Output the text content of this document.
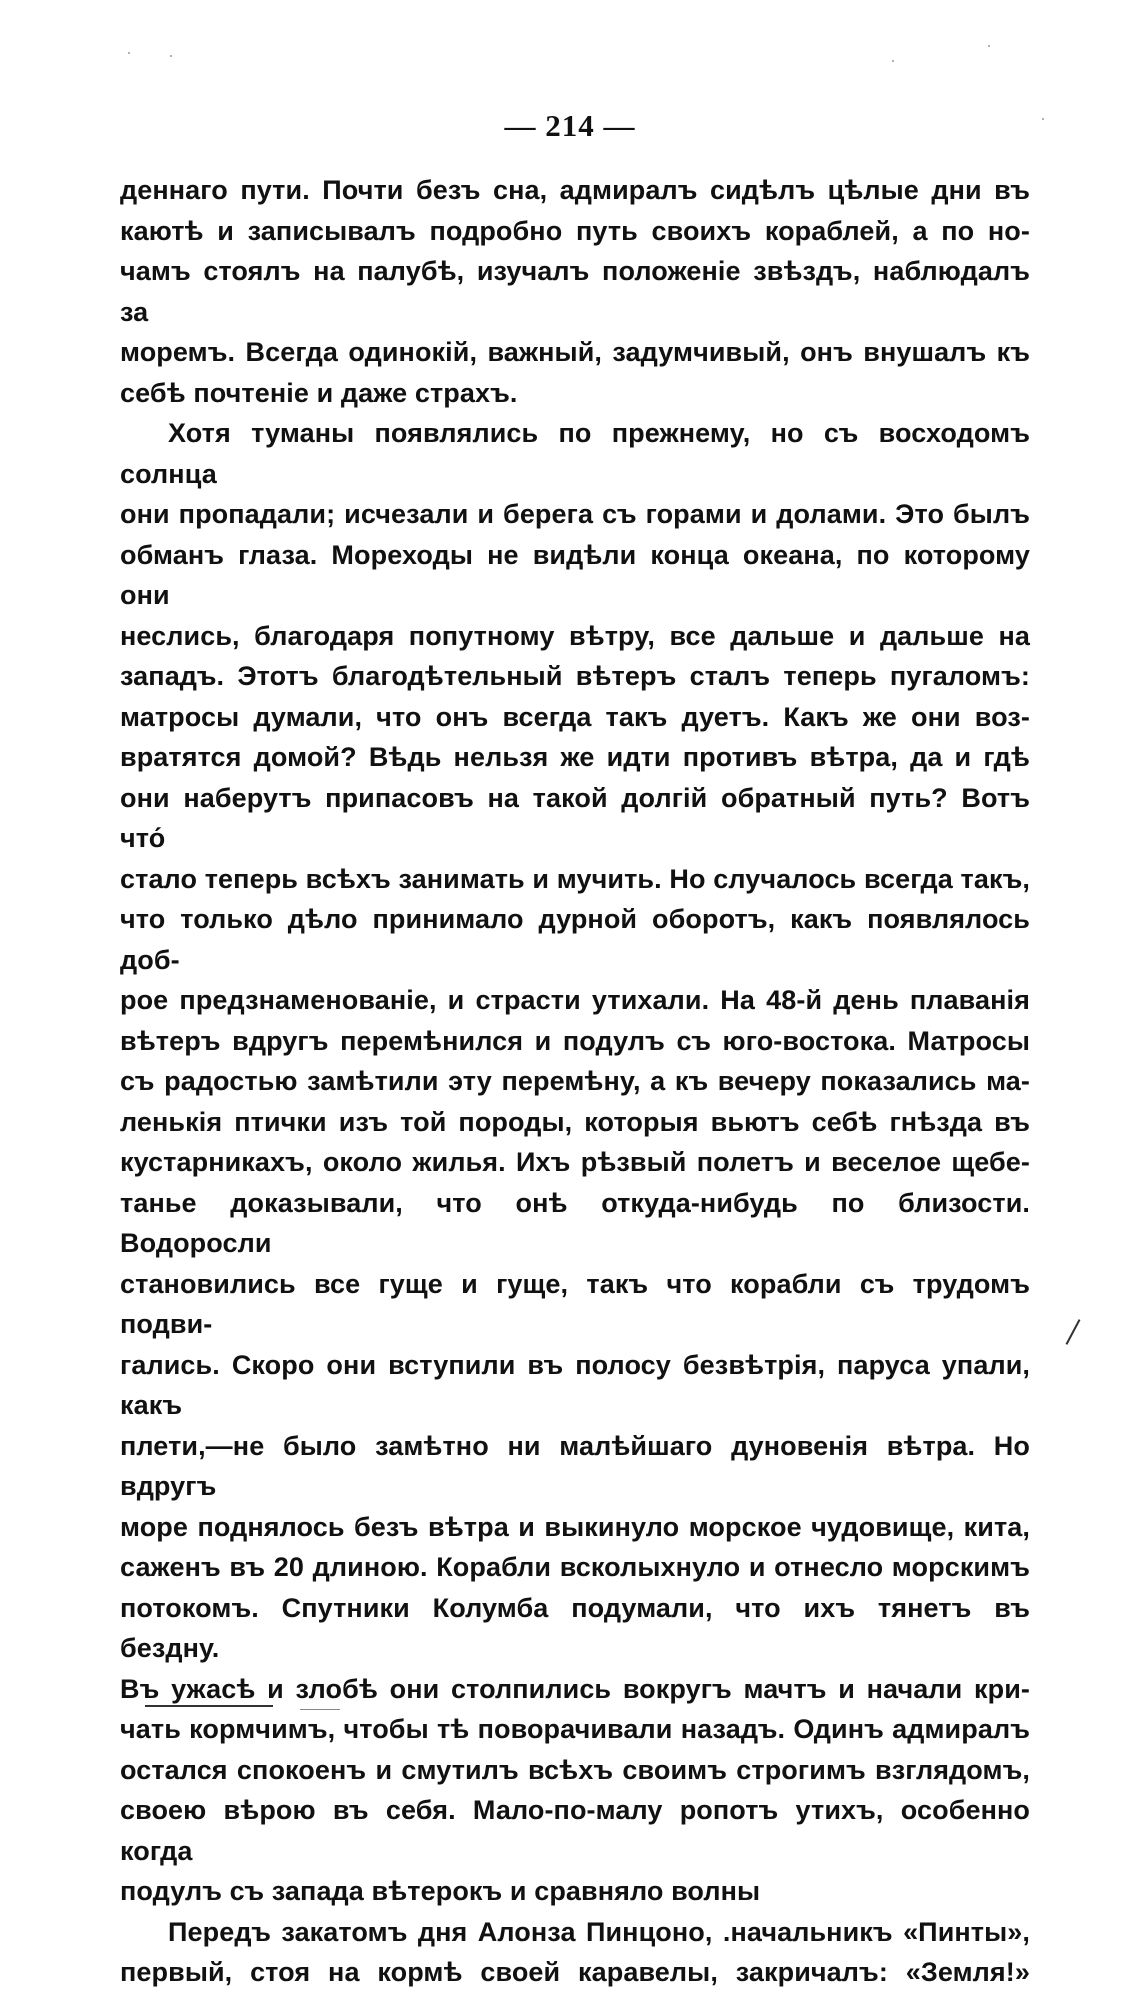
— 214 —

деннаго пути. Почти безъ сна, адмиралъ сидѣлъ цѣлые дни въ

каютѣ и записывалъ подробно путь своихъ кораблей, а по но-

чамъ стоялъ на палубѣ, изучалъ положеніе звѣздъ, наблюдалъ за

моремъ. Всегда одинокій, важный, задумчивый, онъ внушалъ къ

себѣ почтеніе и даже страхъ.

Хотя туманы появлялись по прежнему, но съ восходомъ солнца

они пропадали; исчезали и берега съ горами и долами. Это былъ

обманъ глаза. Мореходы не видѣли конца океана, по которому они

неслись, благодаря попутному вѣтру, все дальше и дальше на

западъ. Этотъ благодѣтельный вѣтеръ сталъ теперь пугаломъ:

матросы думали, что онъ всегда такъ дуетъ. Какъ же они воз-

вратятся домой? Вѣдь нельзя же идти противъ вѣтра, да и гдѣ

они наберутъ припасовъ на такой долгій обратный путь? Вотъ что́

стало теперь всѣхъ занимать и мучить. Но случалось всегда такъ,

что только дѣло принимало дурной оборотъ, какъ появлялось доб-

рое предзнаменованіе, и страсти утихали. На 48-й день плаванія

вѣтеръ вдругъ перемѣнился и подулъ съ юго-востока. Матросы

съ радостью замѣтили эту перемѣну, а къ вечеру показались ма-

ленькія птички изъ той породы, которыя вьютъ себѣ гнѣзда въ

кустарникахъ, около жилья. Ихъ рѣзвый полетъ и веселое щебе-

танье доказывали, что онѣ откуда-нибудь по близости. Водоросли

становились все гуще и гуще, такъ что корабли съ трудомъ подви-

гались. Скоро они вступили въ полосу безвѣтрія, паруса упали, какъ

плети,—не было замѣтно ни малѣйшаго дуновенія вѣтра. Но вдругъ

море поднялось безъ вѣтра и выкинуло морское чудовище, кита,

саженъ въ 20 длиною. Корабли всколыхнуло и отнесло морскимъ

потокомъ. Спутники Колумба подумали, что ихъ тянетъ въ бездну.

Въ ужасѣ и злобѣ они столпились вокругъ мачтъ и начали кри-

чать кормчимъ, чтобы тѣ поворачивали назадъ. Одинъ адмиралъ

остался спокоенъ и смутилъ всѣхъ своимъ строгимъ взглядомъ,

своею вѣрою въ себя. Мало-по-малу ропотъ утихъ, особенно когда

подулъ съ запада вѣтерокъ и сравняло волны

Передъ закатомъ дня Алонза Пинцоно, .начальникъ «Пинты»,

первый, стоя на кормѣ своей каравелы, закричалъ: «Земля!»
